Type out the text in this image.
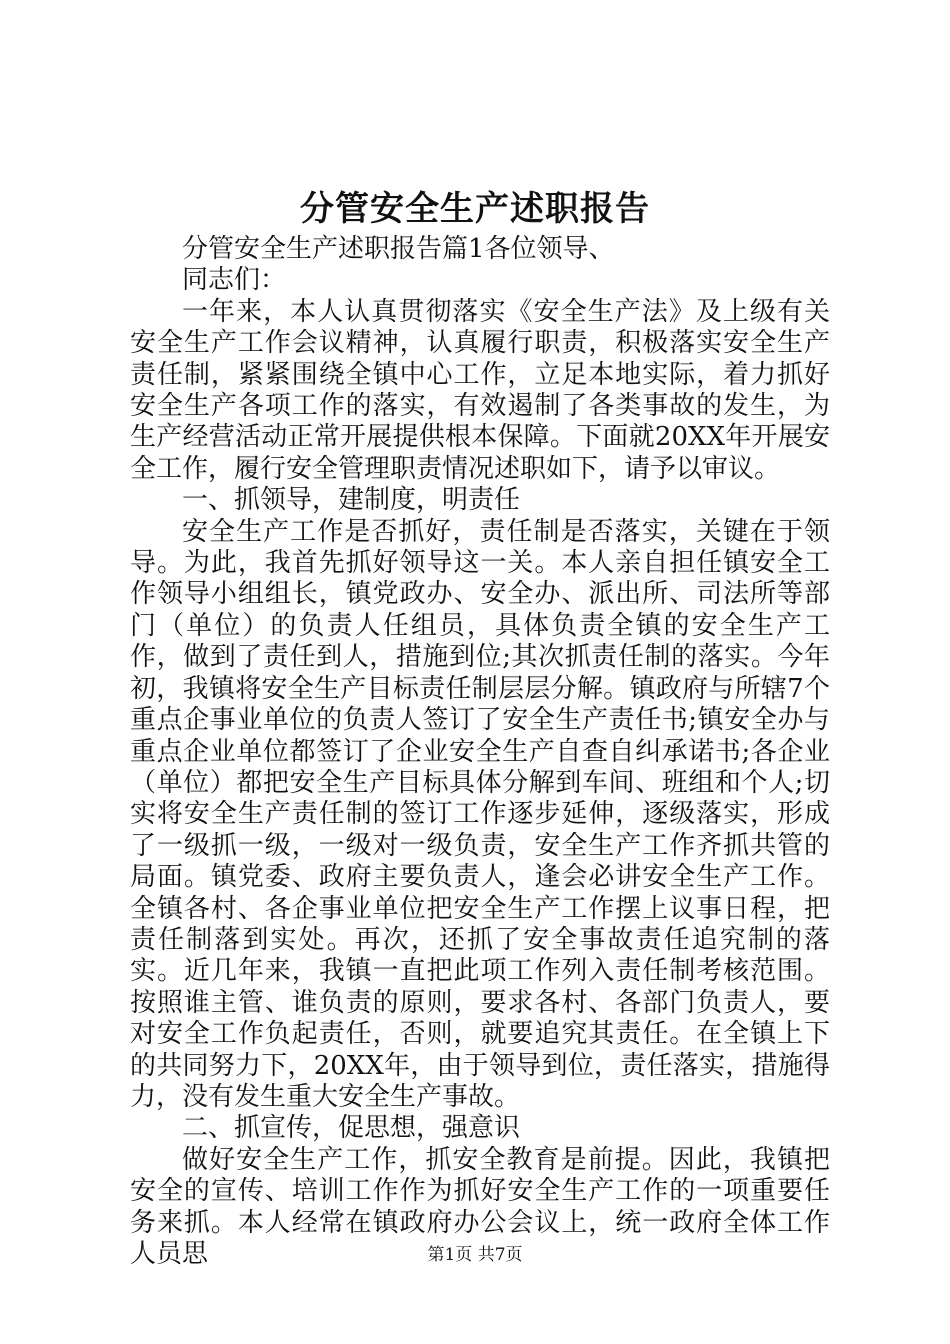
分管安全生产述职报告

分管安全生产述职报告篇1各位领导、

同志们：

一年来，本人认真贯彻落实《安全生产法》及上级有关安全生产工作会议精神，认真履行职责，积极落实安全生产责任制，紧紧围绕全镇中心工作，立足本地实际，着力抓好安全生产各项工作的落实，有效遏制了各类事故的发生，为生产经营活动正常开展提供根本保障。下面就20XX年开展安全工作，履行安全管理职责情况述职如下，请予以审议。

一、抓领导，建制度，明责任

安全生产工作是否抓好，责任制是否落实，关键在于领导。为此，我首先抓好领导这一关。本人亲自担任镇安全工作领导小组组长，镇党政办、安全办、派出所、司法所等部门（单位）的负责人任组员，具体负责全镇的安全生产工作，做到了责任到人，措施到位;其次抓责任制的落实。今年初，我镇将安全生产目标责任制层层分解。镇政府与所辖7个重点企事业单位的负责人签订了安全生产责任书;镇安全办与重点企业单位都签订了企业安全生产自查自纠承诺书;各企业（单位）都把安全生产目标具体分解到车间、班组和个人;切实将安全生产责任制的签订工作逐步延伸，逐级落实，形成了一级抓一级，一级对一级负责，安全生产工作齐抓共管的局面。镇党委、政府主要负责人，逢会必讲安全生产工作。全镇各村、各企事业单位把安全生产工作摆上议事日程，把责任制落到实处。再次，还抓了安全事故责任追究制的落实。近几年来，我镇一直把此项工作列入责任制考核范围。按照谁主管、谁负责的原则，要求各村、各部门负责人，要对安全工作负起责任，否则，就要追究其责任。在全镇上下的共同努力下，20XX年，由于领导到位，责任落实，措施得力，没有发生重大安全生产事故。

二、抓宣传，促思想，强意识

做好安全生产工作，抓安全教育是前提。因此，我镇把安全的宣传、培训工作作为抓好安全生产工作的一项重要任务来抓。本人经常在镇政府办公会议上，统一政府全体工作人员思	第1页 共7页
